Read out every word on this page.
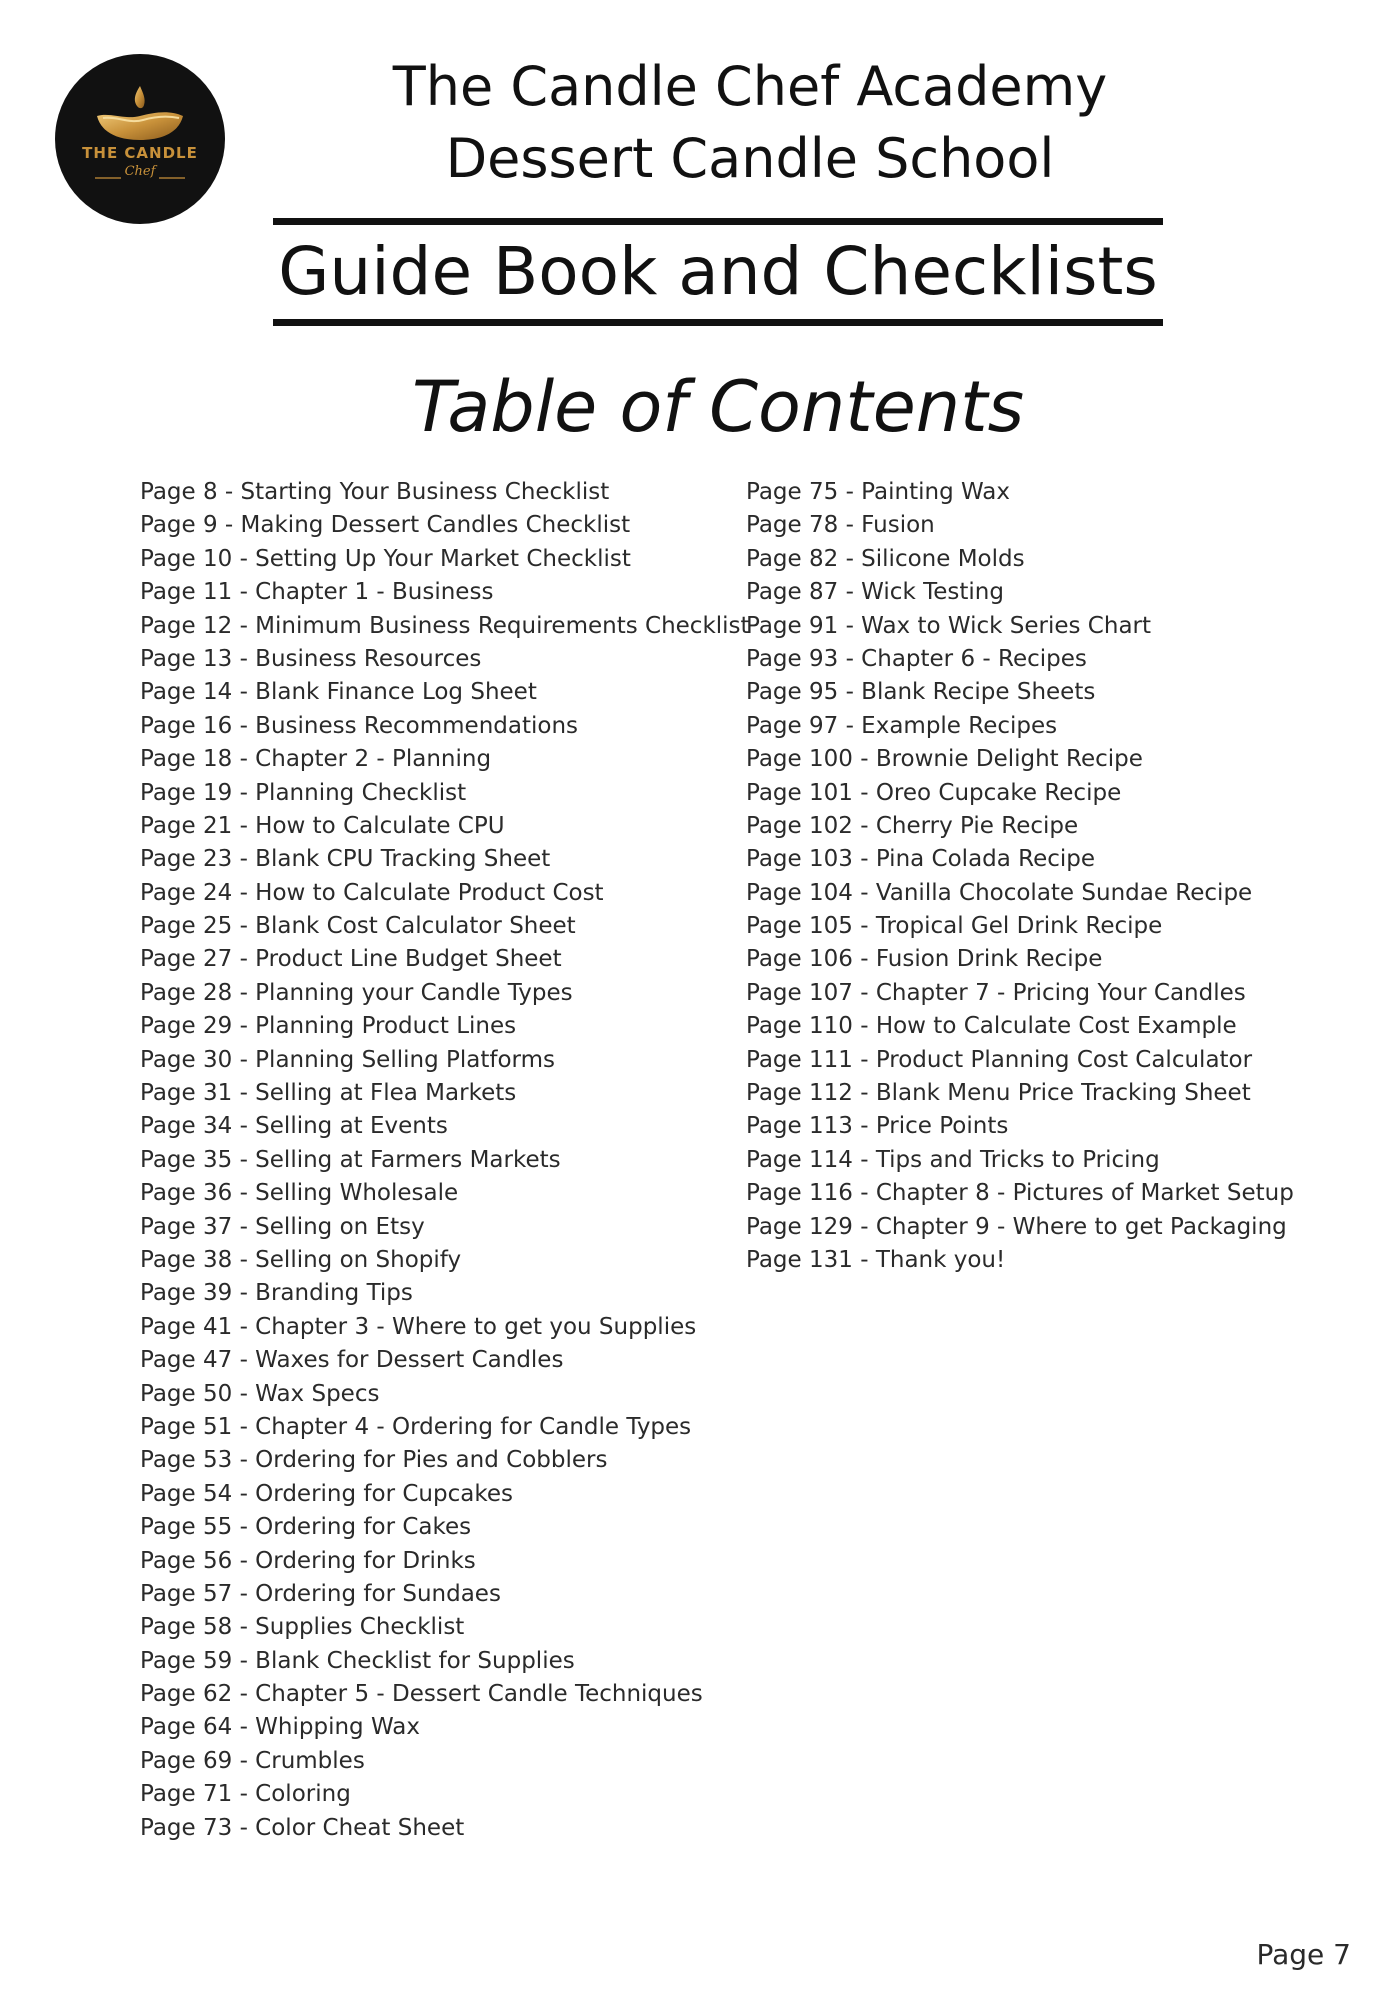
THE CANDLE
Chef
The Candle Chef Academy
Dessert Candle School
Guide Book and Checklists
Table of Contents
Page 8 - Starting Your Business Checklist
Page 9 - Making Dessert Candles Checklist
Page 10 - Setting Up Your Market Checklist
Page 11 - Chapter 1 - Business
Page 12 - Minimum Business Requirements Checklist
Page 13 - Business Resources
Page 14 - Blank Finance Log Sheet
Page 16 - Business Recommendations
Page 18 - Chapter 2 - Planning
Page 19 - Planning Checklist
Page 21 - How to Calculate CPU
Page 23 - Blank CPU Tracking Sheet
Page 24 - How to Calculate Product Cost
Page 25 - Blank Cost Calculator Sheet
Page 27 - Product Line Budget Sheet
Page 28 - Planning your Candle Types
Page 29 - Planning Product Lines
Page 30 - Planning Selling Platforms
Page 31 - Selling at Flea Markets
Page 34 - Selling at Events
Page 35 - Selling at Farmers Markets
Page 36 - Selling Wholesale
Page 37 - Selling on Etsy
Page 38 - Selling on Shopify
Page 39 - Branding Tips
Page 41 - Chapter 3 - Where to get you Supplies
Page 47 - Waxes for Dessert Candles
Page 50 - Wax Specs
Page 51 - Chapter 4 - Ordering for Candle Types
Page 53 - Ordering for Pies and Cobblers
Page 54 - Ordering for Cupcakes
Page 55 - Ordering for Cakes
Page 56 - Ordering for Drinks
Page 57 - Ordering for Sundaes
Page 58 - Supplies Checklist
Page 59 - Blank Checklist for Supplies
Page 62 - Chapter 5 - Dessert Candle Techniques
Page 64 - Whipping Wax
Page 69 - Crumbles
Page 71 - Coloring
Page 73 - Color Cheat Sheet
Page 75 - Painting Wax
Page 78 - Fusion
Page 82 - Silicone Molds
Page 87 - Wick Testing
Page 91 - Wax to Wick Series Chart
Page 93 - Chapter 6 - Recipes
Page 95 - Blank Recipe Sheets
Page 97 - Example Recipes
Page 100 - Brownie Delight Recipe
Page 101 - Oreo Cupcake Recipe
Page 102 - Cherry Pie Recipe
Page 103 - Pina Colada Recipe
Page 104 - Vanilla Chocolate Sundae Recipe
Page 105 - Tropical Gel Drink Recipe
Page 106 - Fusion Drink Recipe
Page 107 - Chapter 7 - Pricing Your Candles
Page 110 - How to Calculate Cost Example
Page 111 - Product Planning Cost Calculator
Page 112 - Blank Menu Price Tracking Sheet
Page 113 - Price Points
Page 114 - Tips and Tricks to Pricing
Page 116 - Chapter 8 - Pictures of Market Setup
Page 129 - Chapter 9 - Where to get Packaging
Page 131 - Thank you!
Page 7
